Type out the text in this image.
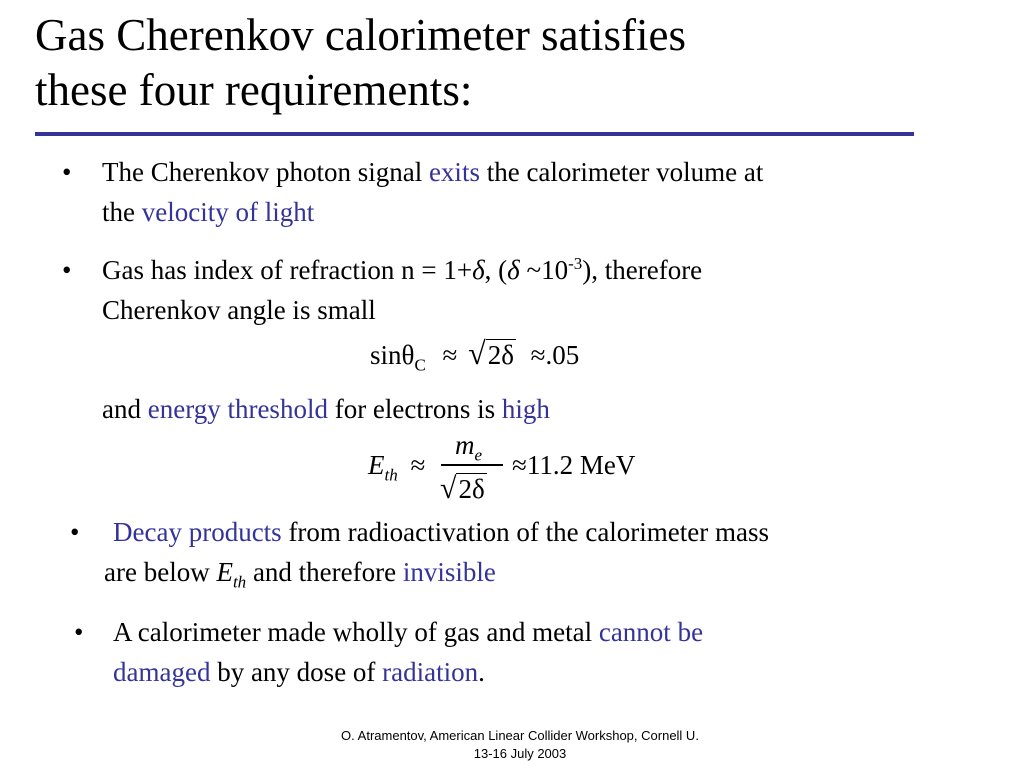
Gas Cherenkov calorimeter satisfies
these four requirements:
• The Cherenkov photon signal exits the calorimeter volume at
the velocity of light
• Gas has index of refraction n = 1+δ, (δ $\sim 10^{-3}$), therefore
Cherenkov angle is small
sinθ$_C$ ≈ √2δ ≈.05
and energy threshold for electrons is high
$E_{th}$ ≈
$m_e$
√2δ
≈11.2 MeV
•	Decay products from radioactivation of the calorimeter mass
are below $E_{th}$ and therefore invisible
• A calorimeter made wholly of gas and metal cannot be
damaged by any dose of radiation.
O. Atramentov, American Linear Collider Workshop, Cornell U.
13-16 July 2003
